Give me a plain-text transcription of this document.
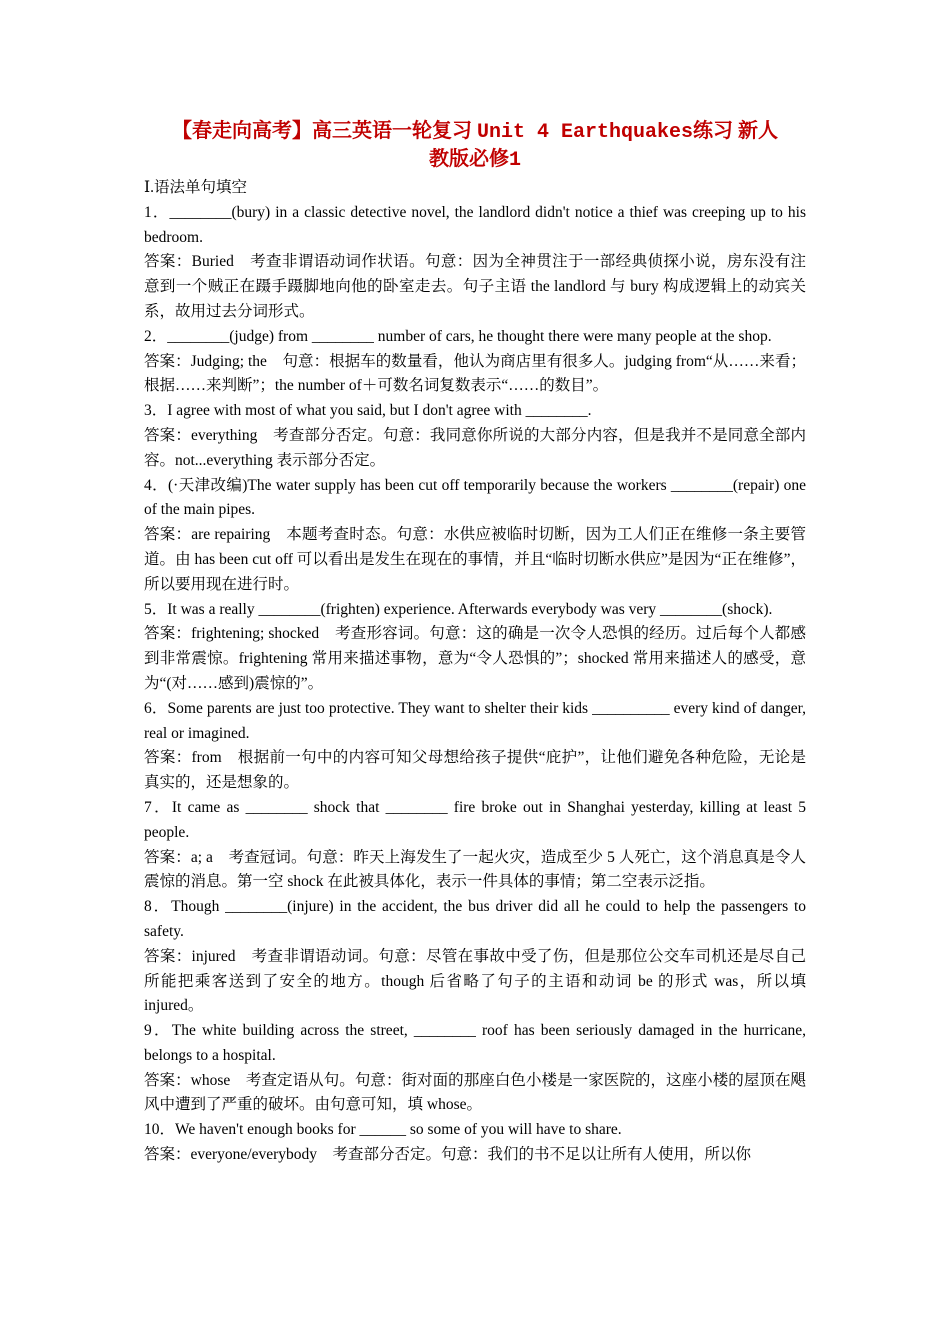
【春走向高考】高三英语一轮复习 Unit 4 Earthquakes练习 新人
教版必修1

Ⅰ.语法单句填空

1．________(bury) in a classic detective novel, the landlord didn't notice a thief was creeping up to his bedroom.

答案：Buried　考查非谓语动词作状语。句意：因为全神贯注于一部经典侦探小说，房东没有注意到一个贼正在蹑手蹑脚地向他的卧室走去。句子主语 the landlord 与 bury 构成逻辑上的动宾关系，故用过去分词形式。

2．________(judge) from ________ number of cars, he thought there were many people at the shop.

答案：Judging; the　句意：根据车的数量看，他认为商店里有很多人。judging from“从……来看；根据……来判断”；the number of＋可数名词复数表示“……的数目”。

3．I agree with most of what you said, but I don't agree with ________.

答案：everything　考查部分否定。句意：我同意你所说的大部分内容，但是我并不是同意全部内容。not...everything 表示部分否定。

4．(·天津改编)The water supply has been cut off temporarily because the workers ________(repair) one of the main pipes.

答案：are repairing　本题考查时态。句意：水供应被临时切断，因为工人们正在维修一条主要管道。由 has been cut off 可以看出是发生在现在的事情，并且“临时切断水供应”是因为“正在维修”，所以要用现在进行时。

5．It was a really ________(frighten) experience. Afterwards everybody was very ________(shock).

答案：frightening; shocked　考查形容词。句意：这的确是一次令人恐惧的经历。过后每个人都感到非常震惊。frightening 常用来描述事物，意为“令人恐惧的”；shocked 常用来描述人的感受，意为“(对……感到)震惊的”。

6．Some parents are just too protective. They want to shelter their kids __________ every kind of danger, real or imagined.

答案：from　根据前一句中的内容可知父母想给孩子提供“庇护”，让他们避免各种危险，无论是真实的，还是想象的。

7．It came as ________ shock that ________ fire broke out in Shanghai yesterday, killing at least 5 people.

答案：a; a　考查冠词。句意：昨天上海发生了一起火灾，造成至少 5 人死亡，这个消息真是令人震惊的消息。第一空 shock 在此被具体化，表示一件具体的事情；第二空表示泛指。

8．Though ________(injure) in the accident, the bus driver did all he could to help the passengers to safety.

答案：injured　考查非谓语动词。句意：尽管在事故中受了伤，但是那位公交车司机还是尽自己所能把乘客送到了安全的地方。though 后省略了句子的主语和动词 be 的形式 was，所以填 injured。

9．The white building across the street, ________ roof has been seriously damaged in the hurricane, belongs to a hospital.

答案：whose　考查定语从句。句意：街对面的那座白色小楼是一家医院的，这座小楼的屋顶在飓风中遭到了严重的破坏。由句意可知，填 whose。

10．We haven't enough books for ______ so some of you will have to share.

答案：everyone/everybody　考查部分否定。句意：我们的书不足以让所有人使用，所以你
